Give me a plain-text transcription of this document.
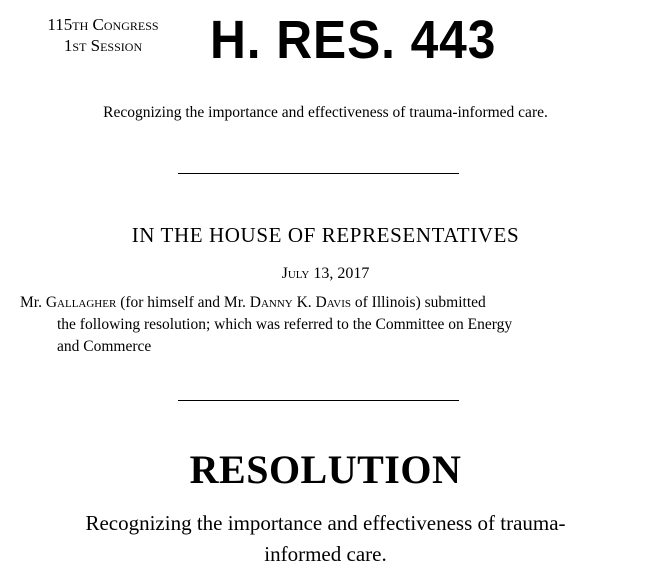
115th Congress
1st Session	H. RES. 443
Recognizing the importance and effectiveness of trauma-informed care.
IN THE HOUSE OF REPRESENTATIVES
July 13, 2017
Mr. Gallagher (for himself and Mr. Danny K. Davis of Illinois) submitted
the following resolution; which was referred to the Committee on Energy
and Commerce
RESOLUTION
Recognizing the importance and effectiveness of trauma-
informed care.
